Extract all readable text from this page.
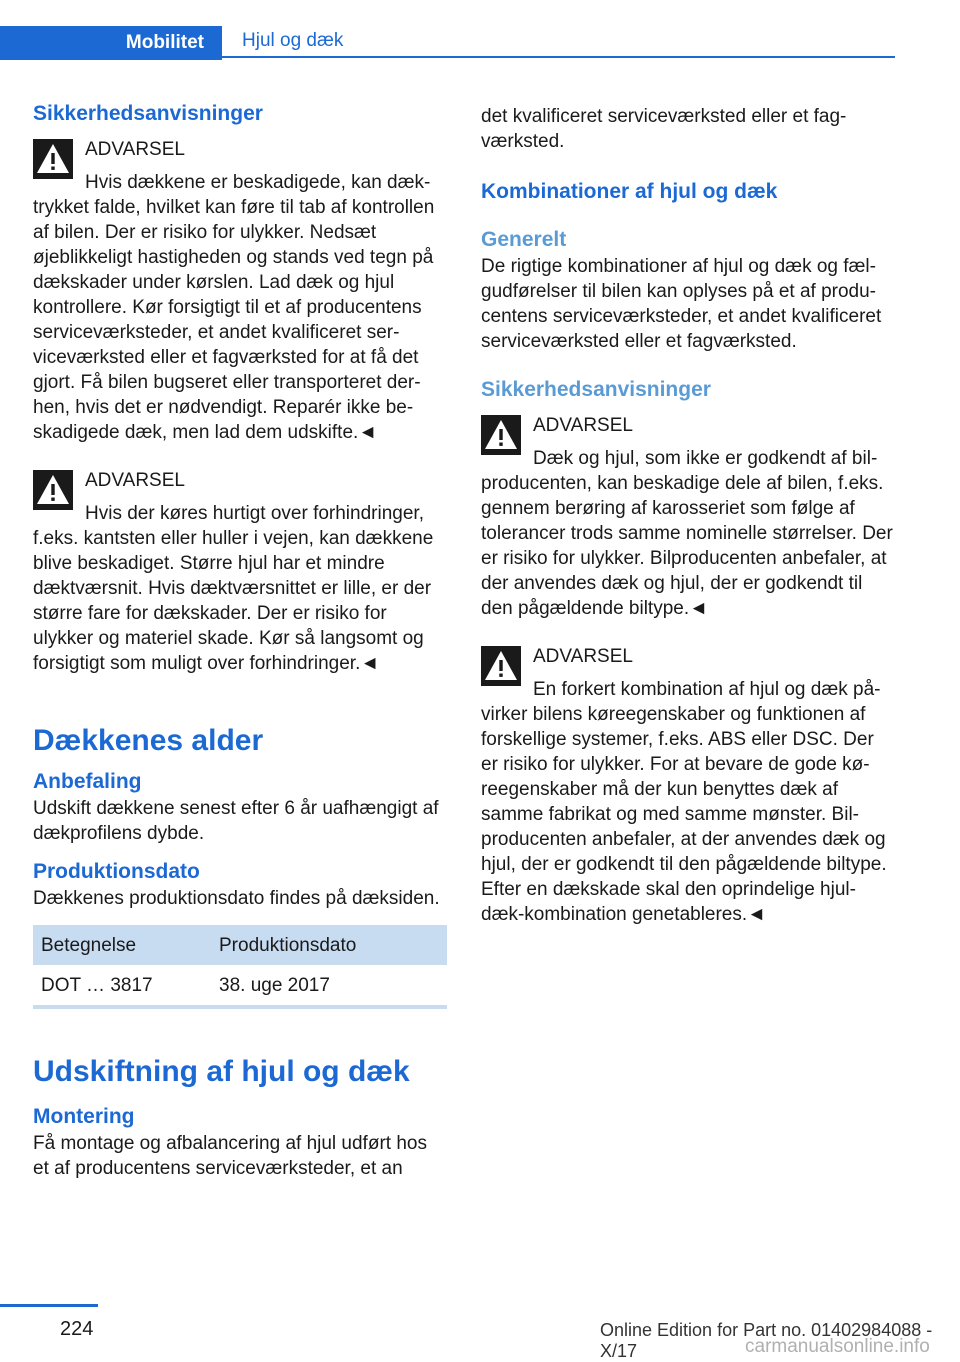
Mobilitet	Hjul og dæk
Sikkerhedsanvisninger
ADVARSEL

Hvis dækkene er beskadigede, kan dæktrykket falde, hvilket kan føre til tab af kontrollen af bilen. Der er risiko for ulykker. Nedsæt øjeblikkeligt hastigheden og stands ved tegn på dækskader under kørslen. Lad dæk og hjul kontrollere. Kør forsigtigt til et af producentens serviceværksteder, et andet kvalificeret serviceværksted eller et fagværksted for at få det gjort. Få bilen bugseret eller transporteret derhen, hvis det er nødvendigt. Reparér ikke beskadigede dæk, men lad dem udskifte.◄

ADVARSEL

Hvis der køres hurtigt over forhindringer, f.eks. kantsten eller huller i vejen, kan dækkene blive beskadiget. Større hjul har et mindre dæktværsnit. Hvis dæktværsnittet er lille, er der større fare for dækskader. Der er risiko for ulykker og materiel skade. Kør så langsomt og forsigtigt som muligt over forhindringer.◄

Dækkenes alder
Anbefaling

Udskift dækkene senest efter 6 år uafhængigt af dækprofilens dybde.

Produktionsdato

Dækkenes produktionsdato findes på dæksiden.

Betegnelse	Produktionsdato
DOT … 3817	38. uge 2017
Udskiftning af hjul og dæk
Montering

Få montage og afbalancering af hjul udført hos et af producentens serviceværksteder, et an

det kvalificeret serviceværksted eller et fagværksted.

Kombinationer af hjul og dæk
Generelt

De rigtige kombinationer af hjul og dæk og fælgudførelser til bilen kan oplyses på et af producentens serviceværksteder, et andet kvalificeret serviceværksted eller et fagværksted.

Sikkerhedsanvisninger
ADVARSEL

Dæk og hjul, som ikke er godkendt af bilproducenten, kan beskadige dele af bilen, f.eks. gennem berøring af karosseriet som følge af tolerancer trods samme nominelle størrelser. Der er risiko for ulykker. Bilproducenten anbefaler, at der anvendes dæk og hjul, der er godkendt til den pågældende biltype.◄

ADVARSEL

En forkert kombination af hjul og dæk påvirker bilens køreegenskaber og funktionen af forskellige systemer, f.eks. ABS eller DSC. Der er risiko for ulykker. For at bevare de gode køreegenskaber må der kun benyttes dæk af samme fabrikat og med samme mønster. Bilproducenten anbefaler, at der anvendes dæk og hjul, der er godkendt til den pågældende biltype. Efter en dækskade skal den oprindelige hjul-dæk-kombination genetableres.◄

224	Online Edition for Part no. 01402984088 - X/17	carmanualsonline.info
